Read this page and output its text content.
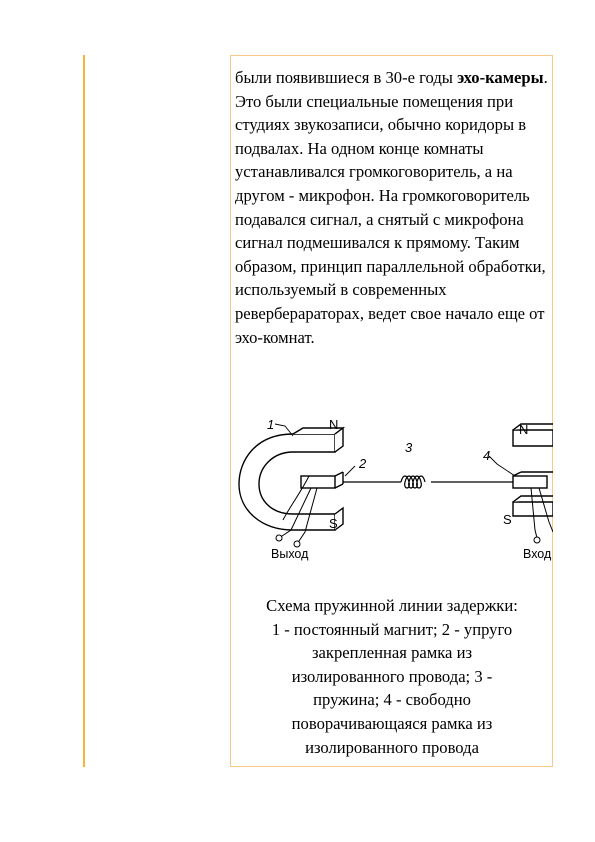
были появившиеся в 30-е годы эхо-камеры. Это были специальные помещения при студиях звукозаписи, обычно коридоры в подвалах. На одном конце комнаты устанавливался громкоговоритель, а на другом - микрофон. На громкоговоритель подавался сигнал, а снятый с микрофона сигнал подмешивался к прямому. Таким образом, принцип параллельной обработки, используемый в современных реверберараторах, ведет свое начало еще от эхо-комнат.

1
2
3
4
N
S
N
S
Выход	Вход

Схема пружинной линии задержки:
1 - постоянный магнит; 2 - упруго
закрепленная рамка из
изолированного провода; 3 -
пружина; 4 - свободно
поворачивающаяся рамка из
изолированного провода
